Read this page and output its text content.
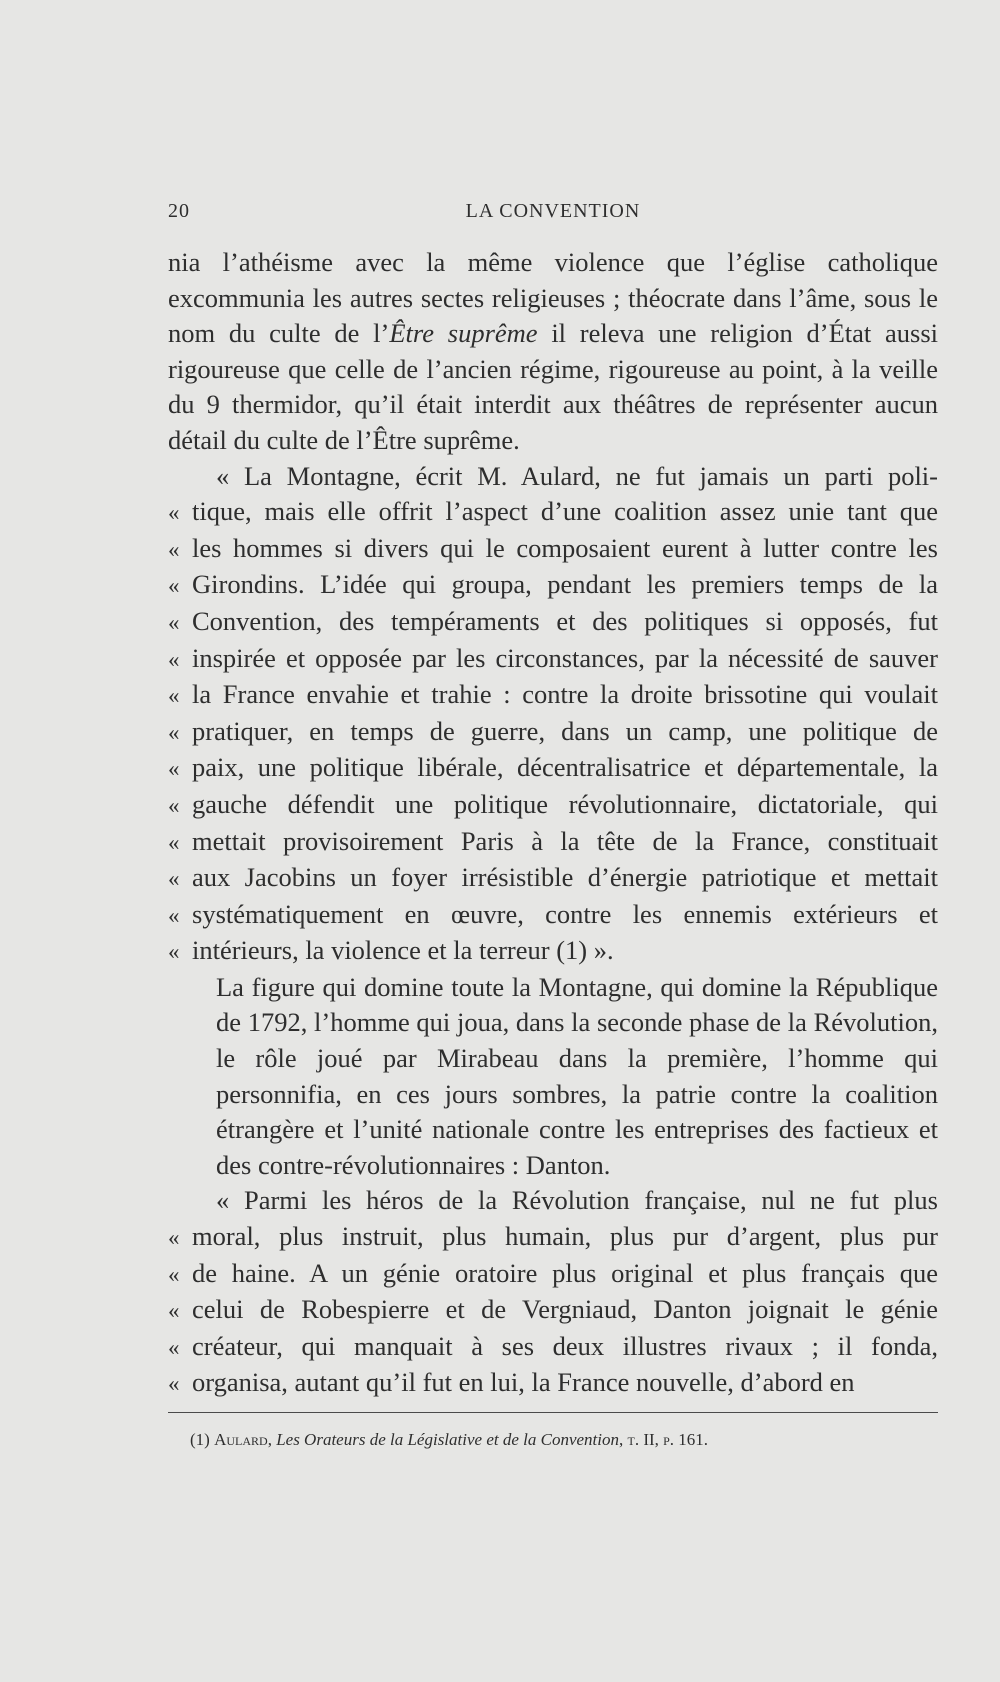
20	LA CONVENTION

nia l’athéisme avec la même violence que l’église catholique excommunia les autres sectes religieuses ; théocrate dans l’âme, sous le nom du culte de l’Être suprême il releva une religion d’État aussi rigoureuse que celle de l’ancien régime, rigoureuse au point, à la veille du 9 thermidor, qu’il était interdit aux théâtres de représenter aucun détail du culte de l’Être suprême.

« La Montagne, écrit M. Aulard, ne fut jamais un parti poli-
« tique, mais elle offrit l’aspect d’une coalition assez unie tant que
« les hommes si divers qui le composaient eurent à lutter contre les
« Girondins. L’idée qui groupa, pendant les premiers temps de la
« Convention, des tempéraments et des politiques si opposés, fut
« inspirée et opposée par les circonstances, par la nécessité de sauver
« la France envahie et trahie : contre la droite brissotine qui voulait
« pratiquer, en temps de guerre, dans un camp, une politique de
« paix, une politique libérale, décentralisatrice et départementale, la
« gauche défendit une politique révolutionnaire, dictatoriale, qui
« mettait provisoirement Paris à la tête de la France, constituait
« aux Jacobins un foyer irrésistible d’énergie patriotique et mettait
« systématiquement en œuvre, contre les ennemis extérieurs et
« intérieurs, la violence et la terreur (1) ».

La figure qui domine toute la Montagne, qui domine la République de 1792, l’homme qui joua, dans la seconde phase de la Révolution, le rôle joué par Mirabeau dans la première, l’homme qui personnifia, en ces jours sombres, la patrie contre la coalition étrangère et l’unité nationale contre les entreprises des factieux et des contre-révolutionnaires : Danton.

« Parmi les héros de la Révolution française, nul ne fut plus
« moral, plus instruit, plus humain, plus pur d’argent, plus pur
« de haine. A un génie oratoire plus original et plus français que
« celui de Robespierre et de Vergniaud, Danton joignait le génie
« créateur, qui manquait à ses deux illustres rivaux ; il fonda,
« organisa, autant qu’il fut en lui, la France nouvelle, d’abord en
(1) Aulard, Les Orateurs de la Législative et de la Convention, t. II, p. 161.
